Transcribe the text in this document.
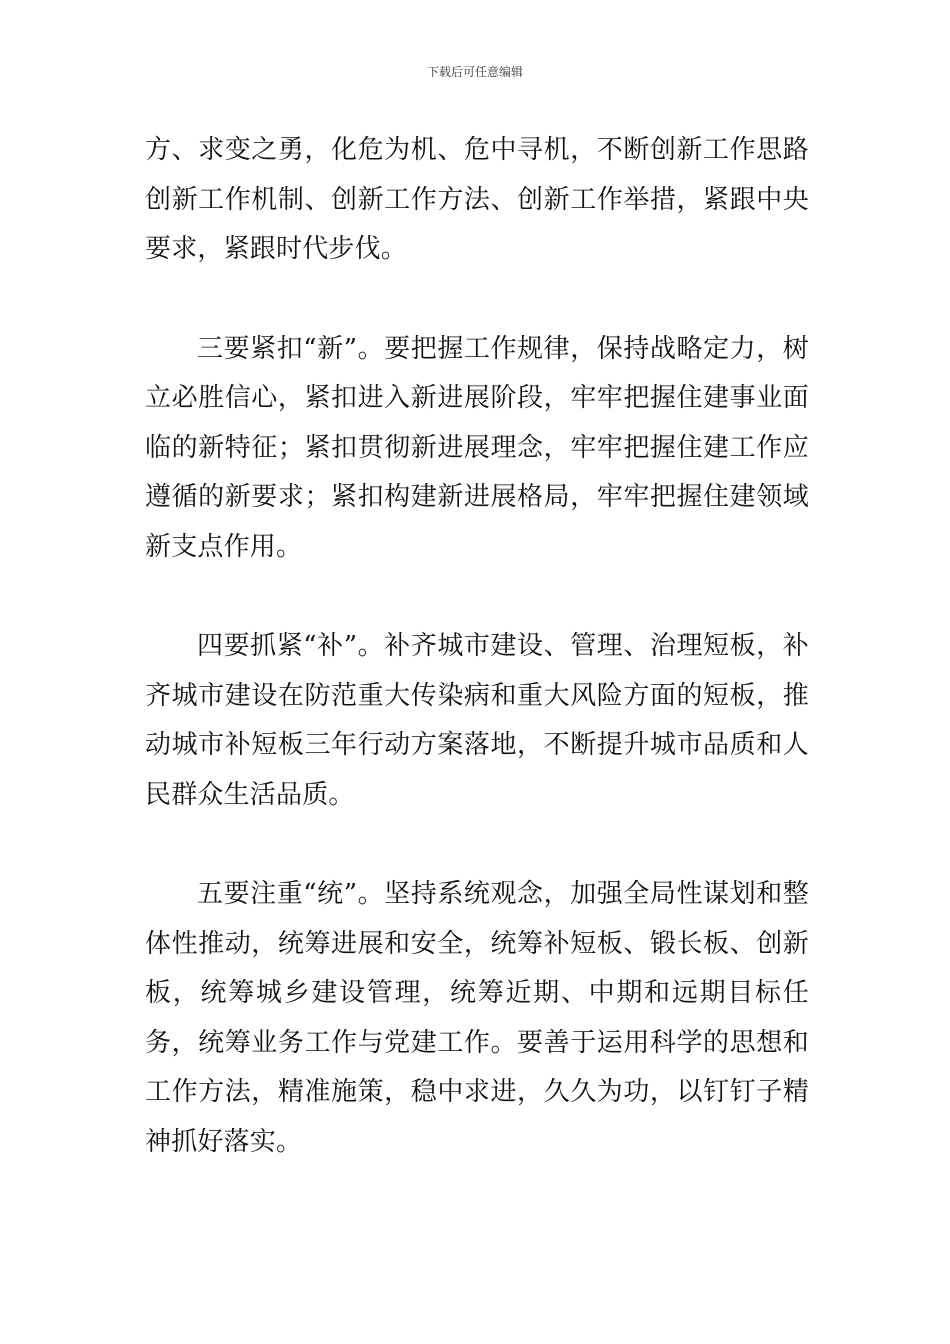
下载后可任意编辑

方、求变之勇，化危为机、危中寻机，不断创新工作思路创新工作机制、创新工作方法、创新工作举措，紧跟中央要求，紧跟时代步伐。

三要紧扣“新”。要把握工作规律，保持战略定力，树立必胜信心，紧扣进入新进展阶段，牢牢把握住建事业面临的新特征；紧扣贯彻新进展理念，牢牢把握住建工作应遵循的新要求；紧扣构建新进展格局，牢牢把握住建领域新支点作用。

四要抓紧“补”。补齐城市建设、管理、治理短板，补齐城市建设在防范重大传染病和重大风险方面的短板，推动城市补短板三年行动方案落地，不断提升城市品质和人民群众生活品质。

五要注重“统”。坚持系统观念，加强全局性谋划和整体性推动，统筹进展和安全，统筹补短板、锻长板、创新板，统筹城乡建设管理，统筹近期、中期和远期目标任务，统筹业务工作与党建工作。要善于运用科学的思想和工作方法，精准施策，稳中求进，久久为功，以钉钉子精神抓好落实。
